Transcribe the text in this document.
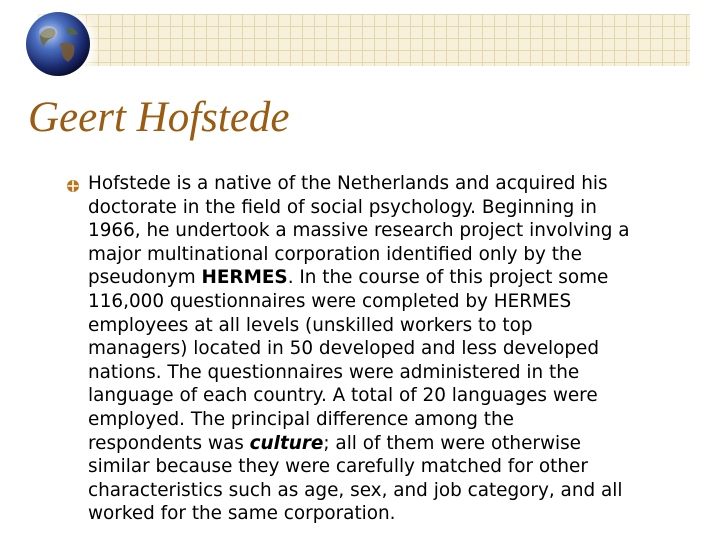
Geert Hofstede

Hofstede is a native of the Netherlands and acquired his
doctorate in the field of social psychology. Beginning in
1966, he undertook a massive research project involving a
major multinational corporation identified only by the
pseudonym HERMES. In the course of this project some
116,000 questionnaires were completed by HERMES
employees at all levels (unskilled workers to top
managers) located in 50 developed and less developed
nations. The questionnaires were administered in the
language of each country. A total of 20 languages were
employed. The principal difference among the
respondents was culture; all of them were otherwise
similar because they were carefully matched for other
characteristics such as age, sex, and job category, and all
worked for the same corporation.
